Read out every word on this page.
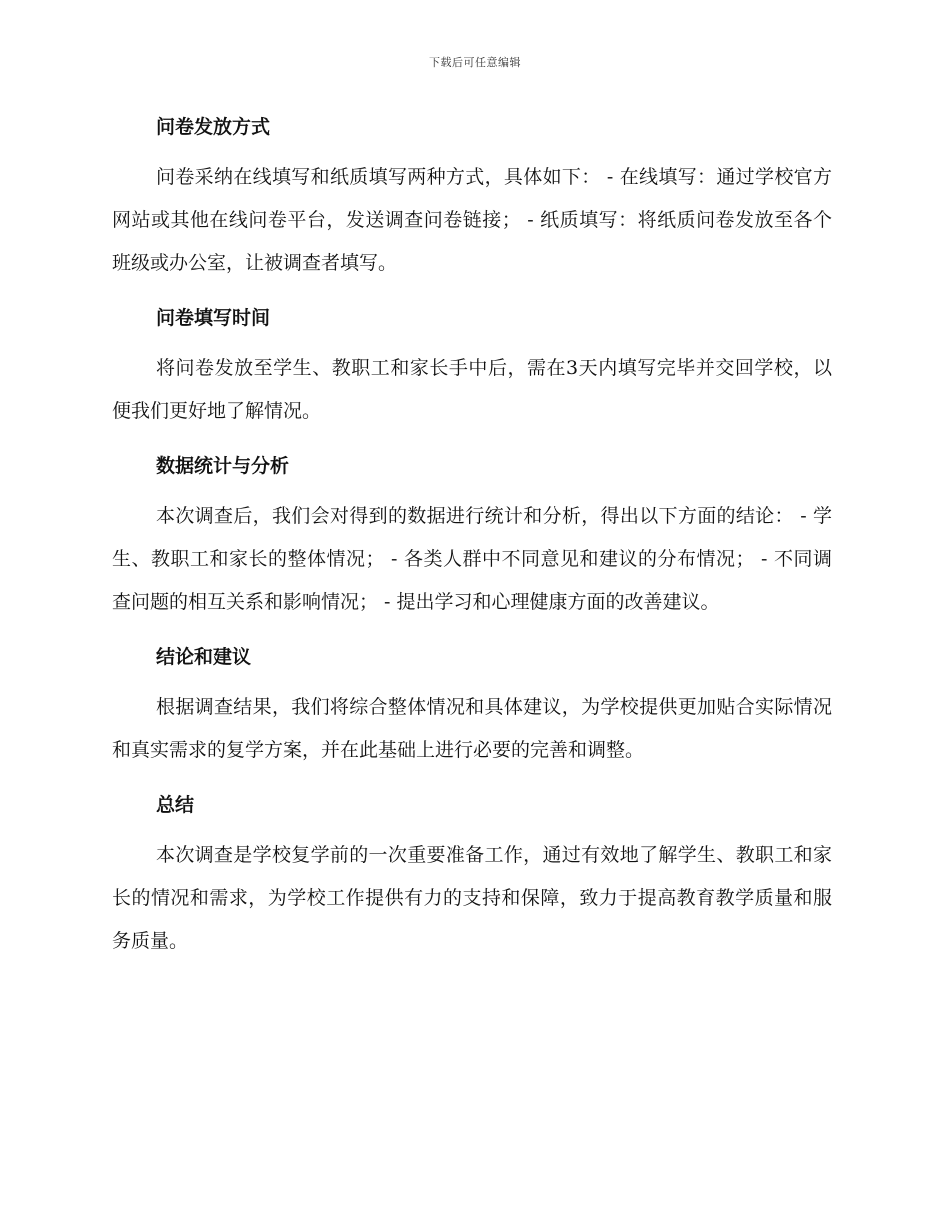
下载后可任意编辑
问卷发放方式

问卷采纳在线填写和纸质填写两种方式，具体如下： - 在线填写：通过学校官方网站或其他在线问卷平台，发送调查问卷链接； - 纸质填写：将纸质问卷发放至各个班级或办公室，让被调查者填写。

问卷填写时间

将问卷发放至学生、教职工和家长手中后，需在3天内填写完毕并交回学校，以便我们更好地了解情况。

数据统计与分析

本次调查后，我们会对得到的数据进行统计和分析，得出以下方面的结论： - 学生、教职工和家长的整体情况； - 各类人群中不同意见和建议的分布情况； - 不同调查问题的相互关系和影响情况； - 提出学习和心理健康方面的改善建议。

结论和建议

根据调查结果，我们将综合整体情况和具体建议，为学校提供更加贴合实际情况和真实需求的复学方案，并在此基础上进行必要的完善和调整。

总结

本次调查是学校复学前的一次重要准备工作，通过有效地了解学生、教职工和家长的情况和需求，为学校工作提供有力的支持和保障，致力于提高教育教学质量和服务质量。
